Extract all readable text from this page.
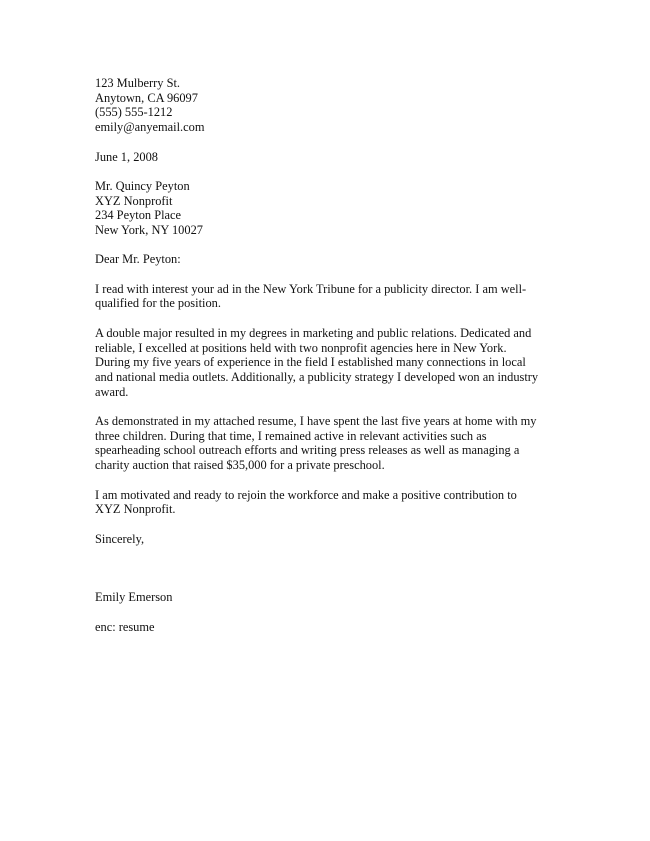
123 Mulberry St.
Anytown, CA 96097
(555) 555-1212
emily@anyemail.com
June 1, 2008
Mr. Quincy Peyton
XYZ Nonprofit
234 Peyton Place
New York, NY 10027
Dear Mr. Peyton:
I read with interest your ad in the New York Tribune for a publicity director. I am well-
qualified for the position.
A double major resulted in my degrees in marketing and public relations. Dedicated and
reliable, I excelled at positions held with two nonprofit agencies here in New York.
During my five years of experience in the field I established many connections in local
and national media outlets. Additionally, a publicity strategy I developed won an industry
award.
As demonstrated in my attached resume, I have spent the last five years at home with my
three children. During that time, I remained active in relevant activities such as
spearheading school outreach efforts and writing press releases as well as managing a
charity auction that raised $35,000 for a private preschool.
I am motivated and ready to rejoin the workforce and make a positive contribution to
XYZ Nonprofit.
Sincerely,
Emily Emerson
enc: resume
